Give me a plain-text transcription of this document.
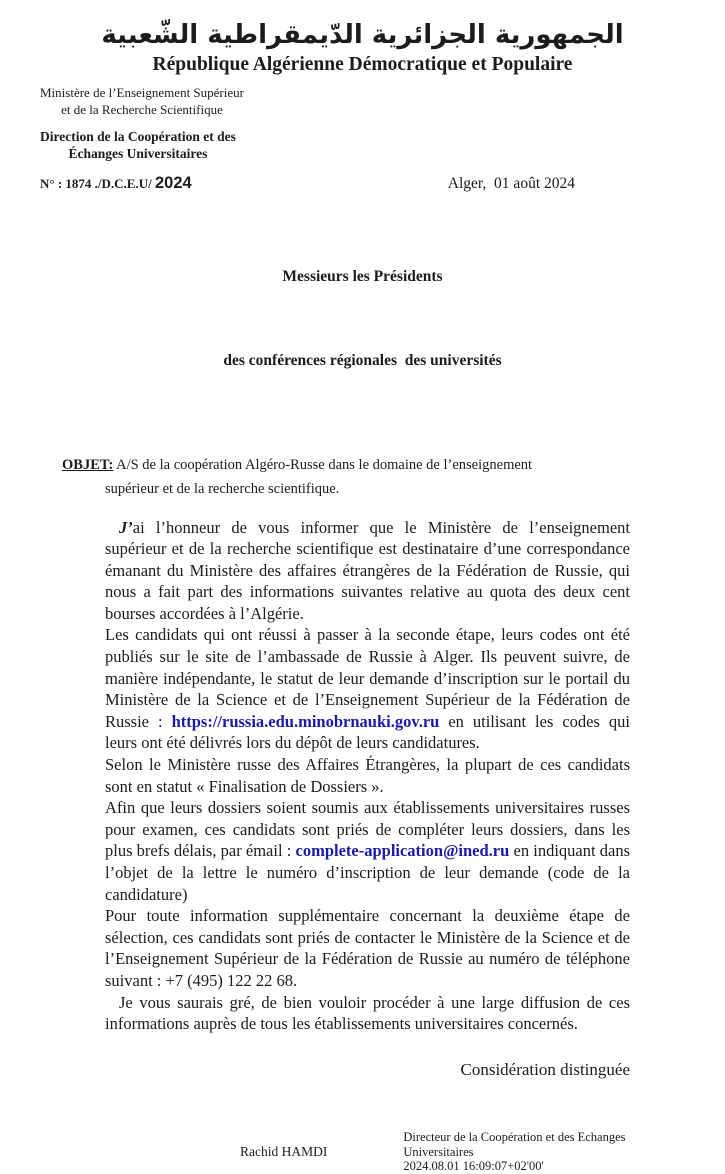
الجمهورية الجزائرية الدّيمقراطية الشّعبية
République Algérienne Démocratique et Populaire
Ministère de l’Enseignement Supérieur
et de la Recherche Scientifique
Direction de la Coopération et des
Échanges Universitaires
N° : 1874 ./D.C.E.U/ 2024	Alger,  01 août 2024

Messieurs les Présidents

des conférences régionales  des universités

OBJET: A/S de la coopération Algéro-Russe dans le domaine de l’enseignement supérieur et de la recherche scientifique.

J’ai l’honneur de vous informer que le Ministère de l’enseignement supérieur et de la recherche scientifique est destinataire d’une correspondance émanant du Ministère des affaires étrangères de la Fédération de Russie, qui nous a fait part des informations suivantes relative au quota des deux cent bourses accordées à l’Algérie.

Les candidats qui ont réussi à passer à la seconde étape, leurs codes ont été publiés sur le site de l’ambassade de Russie à Alger. Ils peuvent suivre, de manière indépendante, le statut de leur demande d’inscription sur le portail du Ministère de la Science et de l’Enseignement Supérieur de la Fédération de Russie : https://russia.edu.minobrnauki.gov.ru en utilisant les codes qui leurs ont été délivrés lors du dépôt de leurs candidatures.

Selon le Ministère russe des Affaires Étrangères, la plupart de ces candidats sont en statut « Finalisation de Dossiers ».

Afin que leurs dossiers soient soumis aux établissements universitaires russes pour examen, ces candidats sont priés de compléter leurs dossiers, dans les plus brefs délais, par émail : complete-application@ined.ru en indiquant dans l’objet de la lettre le numéro d’inscription de leur demande (code de la candidature)

Pour toute information supplémentaire concernant la deuxième étape de sélection, ces candidats sont priés de contacter le Ministère de la Science et de l’Enseignement Supérieur de la Fédération de Russie au numéro de téléphone suivant : +7 (495) 122 22 68.

Je vous saurais gré, de bien vouloir procéder à une large diffusion de ces informations auprès de tous les établissements universitaires concernés.

Considération distinguée
Rachid HAMDI
Directeur de la Coopération et des Echanges
Universitaires
2024.08.01 16:09:07+02'00'
